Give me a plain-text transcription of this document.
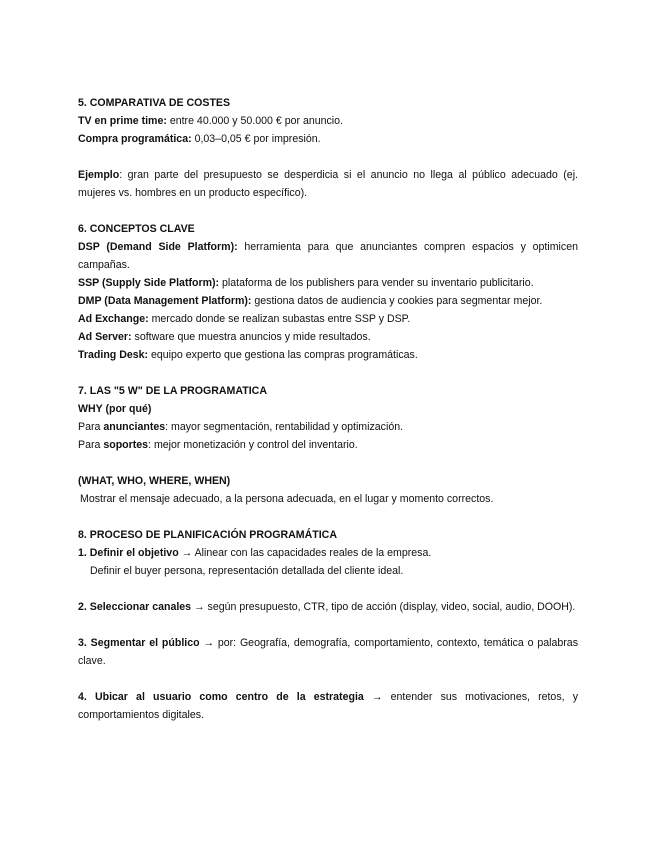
5. COMPARATIVA DE COSTES

TV en prime time: entre 40.000 y 50.000 € por anuncio.

Compra programática: 0,03–0,05 € por impresión.

Ejemplo: gran parte del presupuesto se desperdicia si el anuncio no llega al público adecuado (ej. mujeres vs. hombres en un producto específico).

6. CONCEPTOS CLAVE

DSP (Demand Side Platform): herramienta para que anunciantes compren espacios y optimicen campañas.

SSP (Supply Side Platform): plataforma de los publishers para vender su inventario publicitario.

DMP (Data Management Platform): gestiona datos de audiencia y cookies para segmentar mejor.

Ad Exchange: mercado donde se realizan subastas entre SSP y DSP.

Ad Server: software que muestra anuncios y mide resultados.

Trading Desk: equipo experto que gestiona las compras programáticas.

7. LAS "5 W" DE LA PROGRAMATICA

WHY (por qué)

Para anunciantes: mayor segmentación, rentabilidad y optimización.

Para soportes: mejor monetización y control del inventario.

(WHAT, WHO, WHERE, WHEN)

Mostrar el mensaje adecuado, a la persona adecuada, en el lugar y momento correctos.

8. PROCESO DE PLANIFICACIÓN PROGRAMÁTICA

1. Definir el objetivo → Alinear con las capacidades reales de la empresa.

Definir el buyer persona, representación detallada del cliente ideal.

2. Seleccionar canales → según presupuesto, CTR, tipo de acción (display, video, social, audio, DOOH).

3. Segmentar el público → por: Geografía, demografía, comportamiento, contexto, temática o palabras clave.

4. Ubicar al usuario como centro de la estrategia → entender sus motivaciones, retos, y comportamientos digitales.
